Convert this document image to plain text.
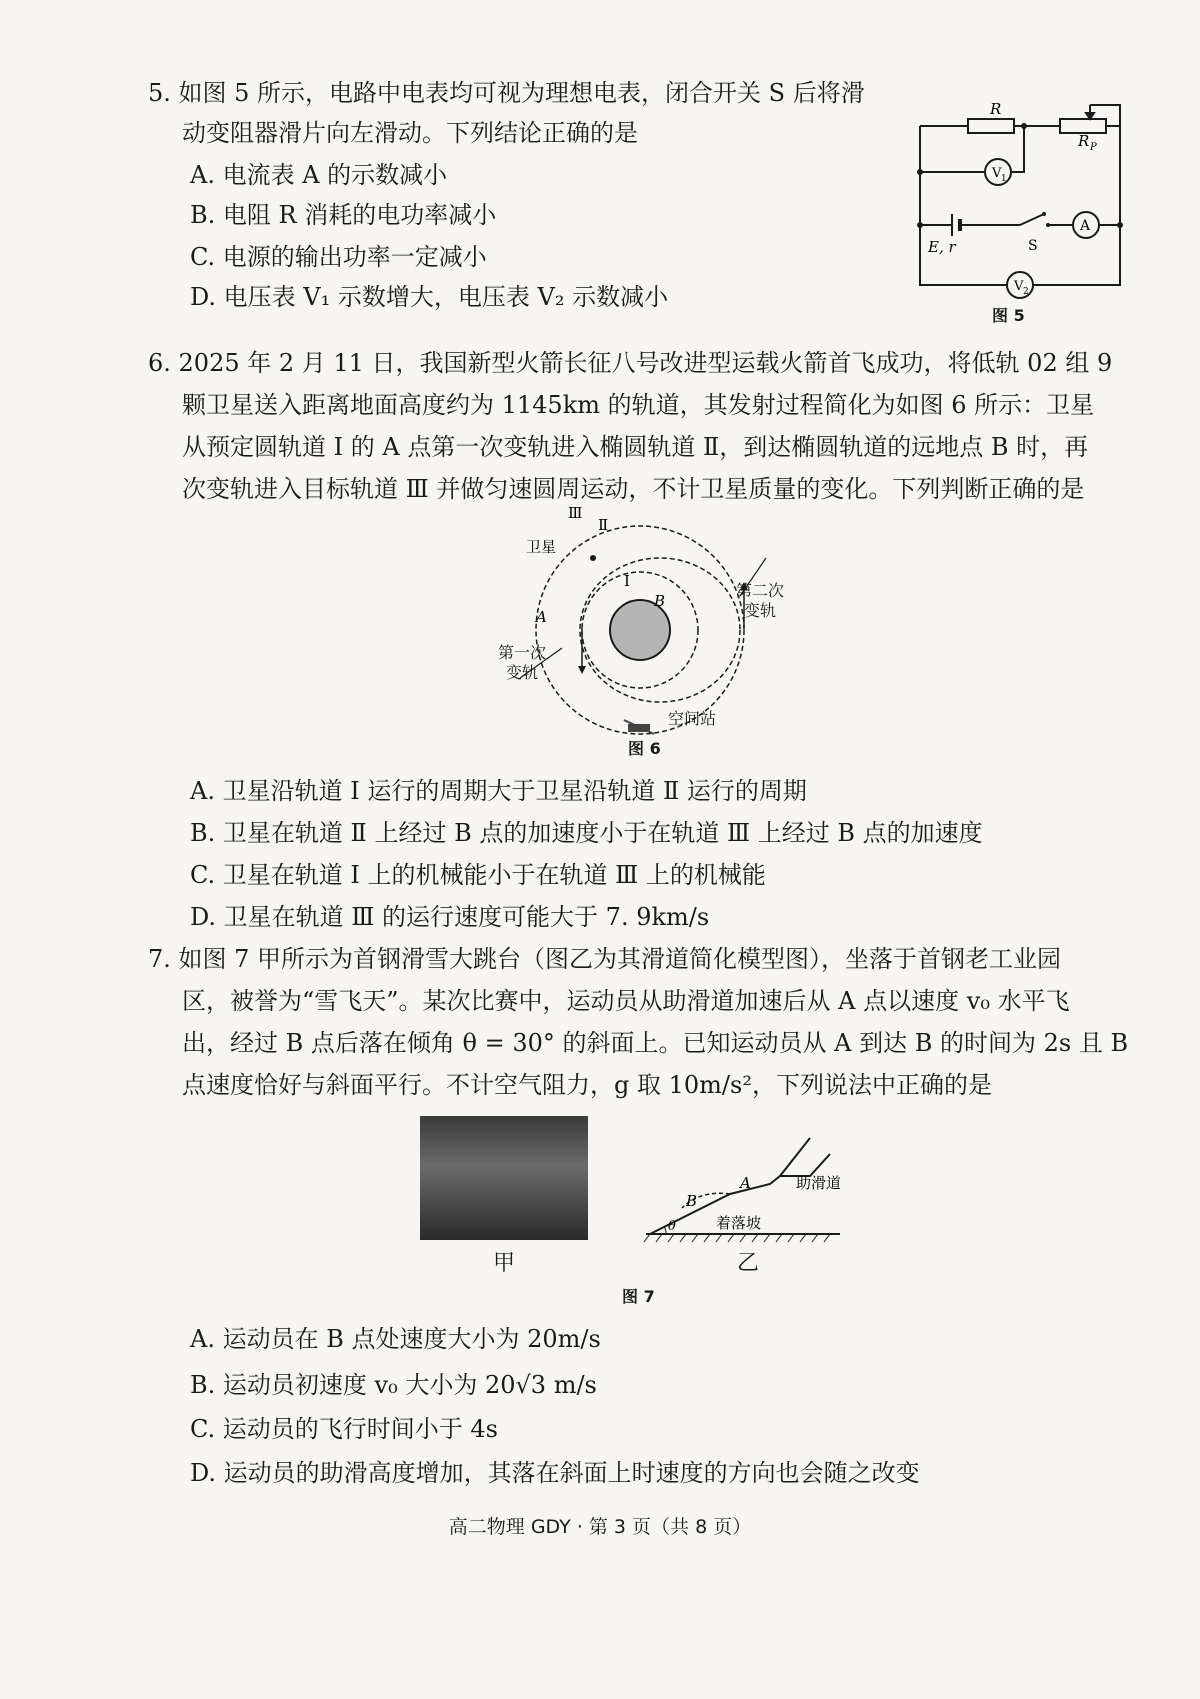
5. 如图 5 所示，电路中电表均可视为理想电表，闭合开关 S 后将滑
动变阻器滑片向左滑动。下列结论正确的是
A. 电流表 A 的示数减小
B. 电阻 R 消耗的电功率减小
C. 电源的输出功率一定减小
D. 电压表 V₁ 示数增大，电压表 V₂ 示数减小
R
R P
V 1
V 2
A
E, r	S
图 5
6. 2025 年 2 月 11 日，我国新型火箭长征八号改进型运载火箭首飞成功，将低轨 02 组 9
颗卫星送入距离地面高度约为 1145km 的轨道，其发射过程简化为如图 6 所示：卫星
从预定圆轨道 Ⅰ 的 A 点第一次变轨进入椭圆轨道 Ⅱ，到达椭圆轨道的远地点 B 时，再
次变轨进入目标轨道 Ⅲ 并做匀速圆周运动，不计卫星质量的变化。下列判断正确的是
Ⅲ
Ⅱ
Ⅰ
卫星
A
B
第一次
变轨
第二次
变轨
空间站
图 6
A. 卫星沿轨道 Ⅰ 运行的周期大于卫星沿轨道 Ⅱ 运行的周期
B. 卫星在轨道 Ⅱ 上经过 B 点的加速度小于在轨道 Ⅲ 上经过 B 点的加速度
C. 卫星在轨道 Ⅰ 上的机械能小于在轨道 Ⅲ 上的机械能
D. 卫星在轨道 Ⅲ 的运行速度可能大于 7. 9km/s
7. 如图 7 甲所示为首钢滑雪大跳台（图乙为其滑道简化模型图），坐落于首钢老工业园
区，被誉为“雪飞天”。某次比赛中，运动员从助滑道加速后从 A 点以速度 v₀ 水平飞
出，经过 B 点后落在倾角 θ = 30° 的斜面上。已知运动员从 A 到达 B 的时间为 2s 且 B
点速度恰好与斜面平行。不计空气阻力，g 取 10m/s²，下列说法中正确的是
甲
θ
B
A	助滑道
着落坡
乙
图 7
A. 运动员在 B 点处速度大小为 20m/s
B. 运动员初速度 v₀ 大小为 20√3 m/s
C. 运动员的飞行时间小于 4s
D. 运动员的助滑高度增加，其落在斜面上时速度的方向也会随之改变
高二物理 GDY · 第 3 页（共 8 页）
